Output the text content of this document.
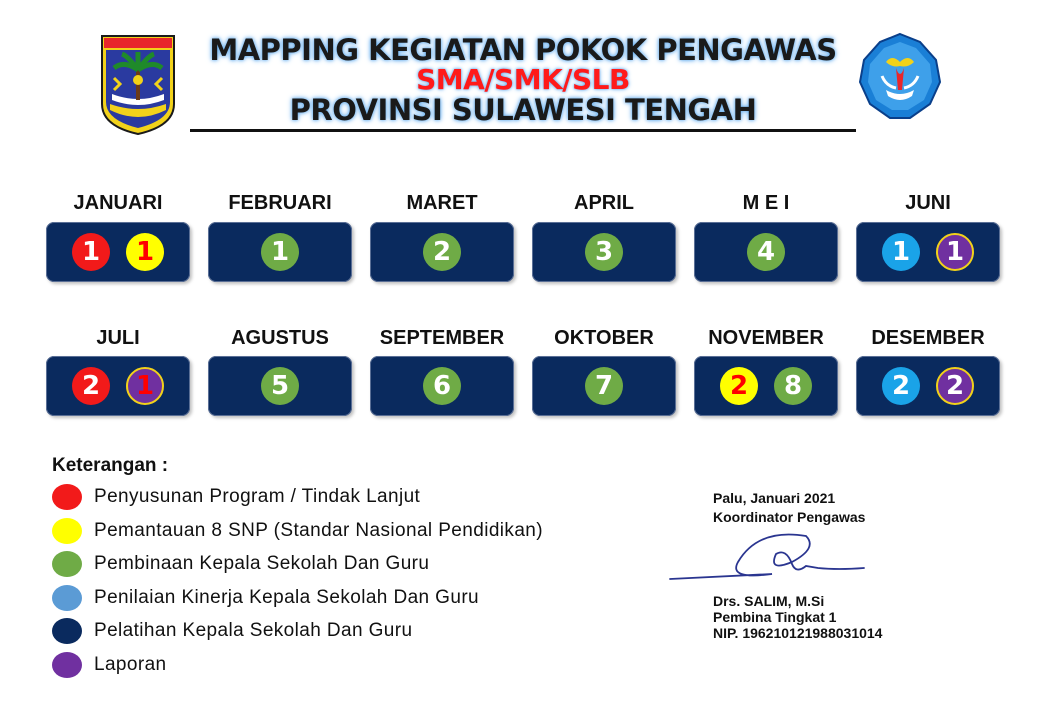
MAPPING KEGIATAN POKOK PENGAWAS
SMA/SMK/SLB
PROVINSI SULAWESI TENGAH
JANUARI
1	1
FEBRUARI
1
MARET
2
APRIL
3
M E I
4
JUNI
1	1
JULI
2	1
AGUSTUS
5
SEPTEMBER
6
OKTOBER
7
NOVEMBER
2	8
DESEMBER
2	2
Keterangan :
Penyusunan Program / Tindak Lanjut
Pemantauan 8 SNP (Standar Nasional Pendidikan)
Pembinaan Kepala Sekolah Dan Guru
Penilaian Kinerja Kepala Sekolah Dan Guru
Pelatihan Kepala Sekolah Dan Guru
Laporan
Palu, Januari 2021
Koordinator Pengawas
Drs. SALIM, M.Si
Pembina Tingkat 1
NIP. 196210121988031014
